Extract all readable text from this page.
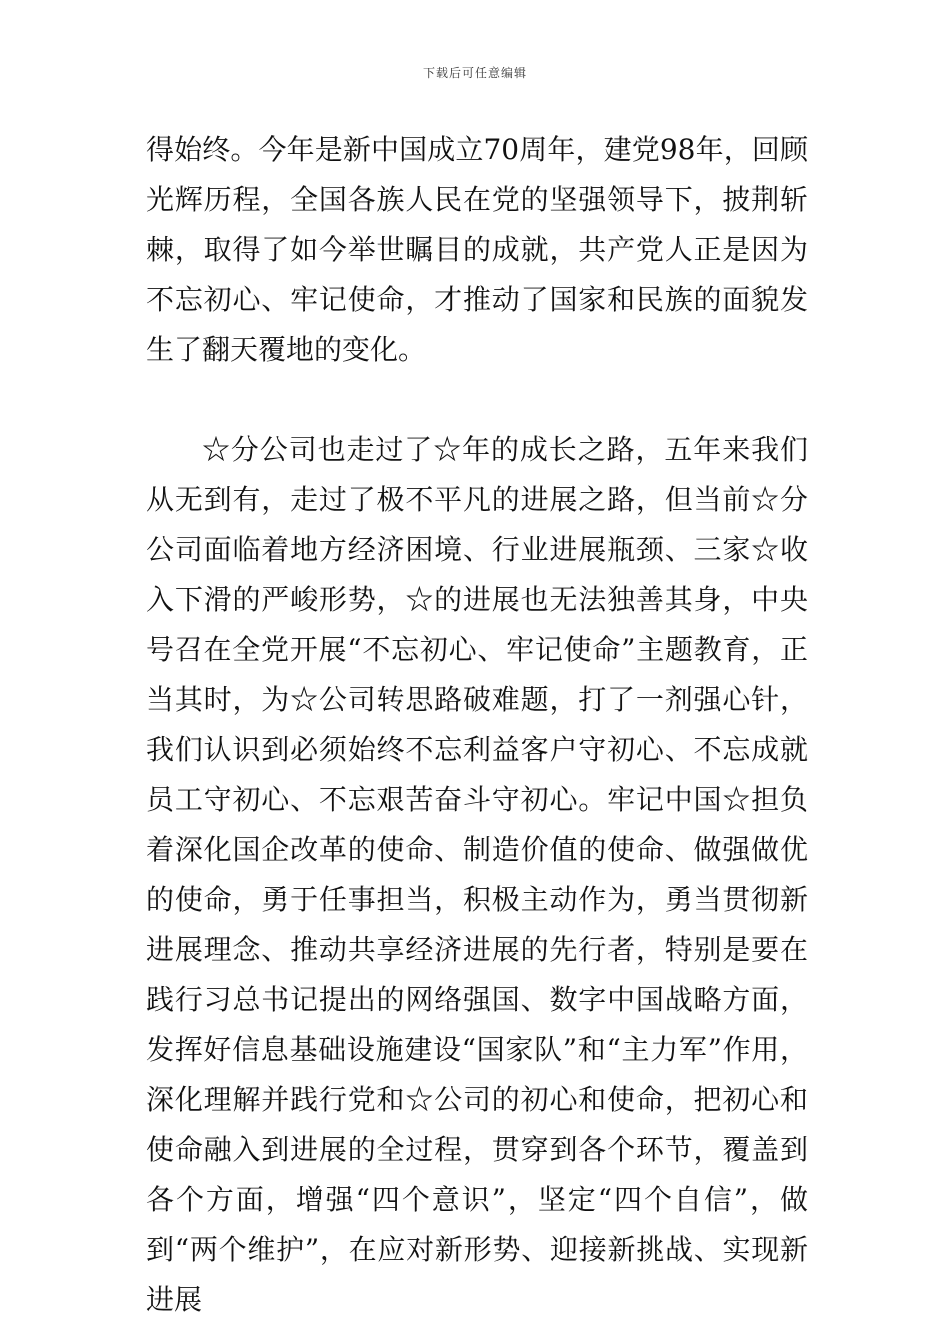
下载后可任意编辑

得始终。今年是新中国成立70周年，建党98年，回顾光辉历程，全国各族人民在党的坚强领导下，披荆斩棘，取得了如今举世瞩目的成就，共产党人正是因为不忘初心、牢记使命，才推动了国家和民族的面貌发生了翻天覆地的变化。

☆分公司也走过了☆年的成长之路，五年来我们从无到有，走过了极不平凡的进展之路，但当前☆分公司面临着地方经济困境、行业进展瓶颈、三家☆收入下滑的严峻形势，☆的进展也无法独善其身，中央号召在全党开展“不忘初心、牢记使命”主题教育，正当其时，为☆公司转思路破难题，打了一剂强心针，我们认识到必须始终不忘利益客户守初心、不忘成就员工守初心、不忘艰苦奋斗守初心。牢记中国☆担负着深化国企改革的使命、制造价值的使命、做强做优的使命，勇于任事担当，积极主动作为，勇当贯彻新进展理念、推动共享经济进展的先行者，特别是要在践行习总书记提出的网络强国、数字中国战略方面，发挥好信息基础设施建设“国家队”和“主力军”作用，深化理解并践行党和☆公司的初心和使命，把初心和使命融入到进展的全过程，贯穿到各个环节，覆盖到各个方面，增强“四个意识”，坚定“四个自信”，做到“两个维护”，在应对新形势、迎接新挑战、实现新进展
